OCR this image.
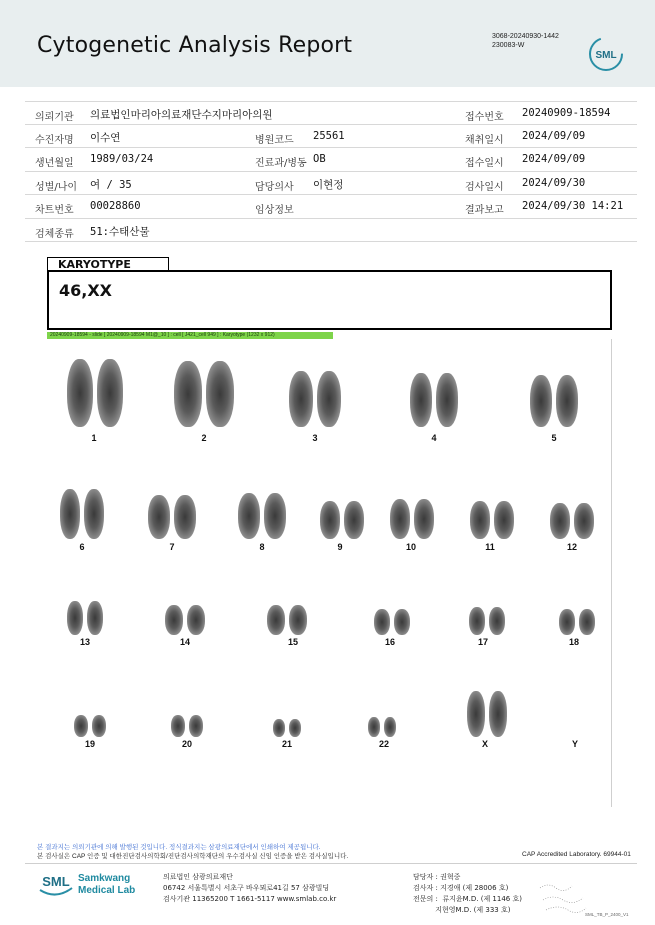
Cytogenetic Analysis Report	3068-20240930-1442
230083-W
SML
의뢰기관 의료법인마리아의료재단수지마리아의원	접수번호 20240909-18594
수진자명 이수연	병원코드 25561	채취일시 2024/09/09
생년월일 1989/03/24	진료과/병동 OB	접수일시 2024/09/09
성별/나이 여 / 35	담당의사 이현정	검사일시 2024/09/30
차트번호 00028860	임상정보	결과보고 2024/09/30 14:21
검체종류 51:수태산물
KARYOTYPE
46,XX
20240909-18594 - slide [ 20240909-18594 M1@_10 ] : cell [ J421_cell 949 ] : Karyotype (1232 x 912)
1	2	3	4	5
6	7	8	9	10	11	12
13	14	15	16	17	18
19	20	21	22	X	Y
본 결과지는 의뢰기관에 의해 발행된 것입니다. 정식결과지는 삼광의료재단에서 인쇄하여 제공됩니다.
본 검사실은 CAP 인증 및 대한진단검사의학회/진단검사의학재단의 우수검사실 신임 인증을 받은 검사실입니다.	CAP Accredited Laboratory. 69944-01
SML Samkwang
Medical Lab
의료법인 삼광의료재단
06742 서울특별시 서초구 바우뫼로41길 57 삼광빌딩
검사기관 11365200 T 1661-5117 www.smlab.co.kr
담당자 : 권혁중
검사자 : 지경애 (제 28006 호)
전문의 :  류지윤M.D. (제 1146 호)
지현영M.D. (제 333 호)
SML_TB_P_2400_V1
